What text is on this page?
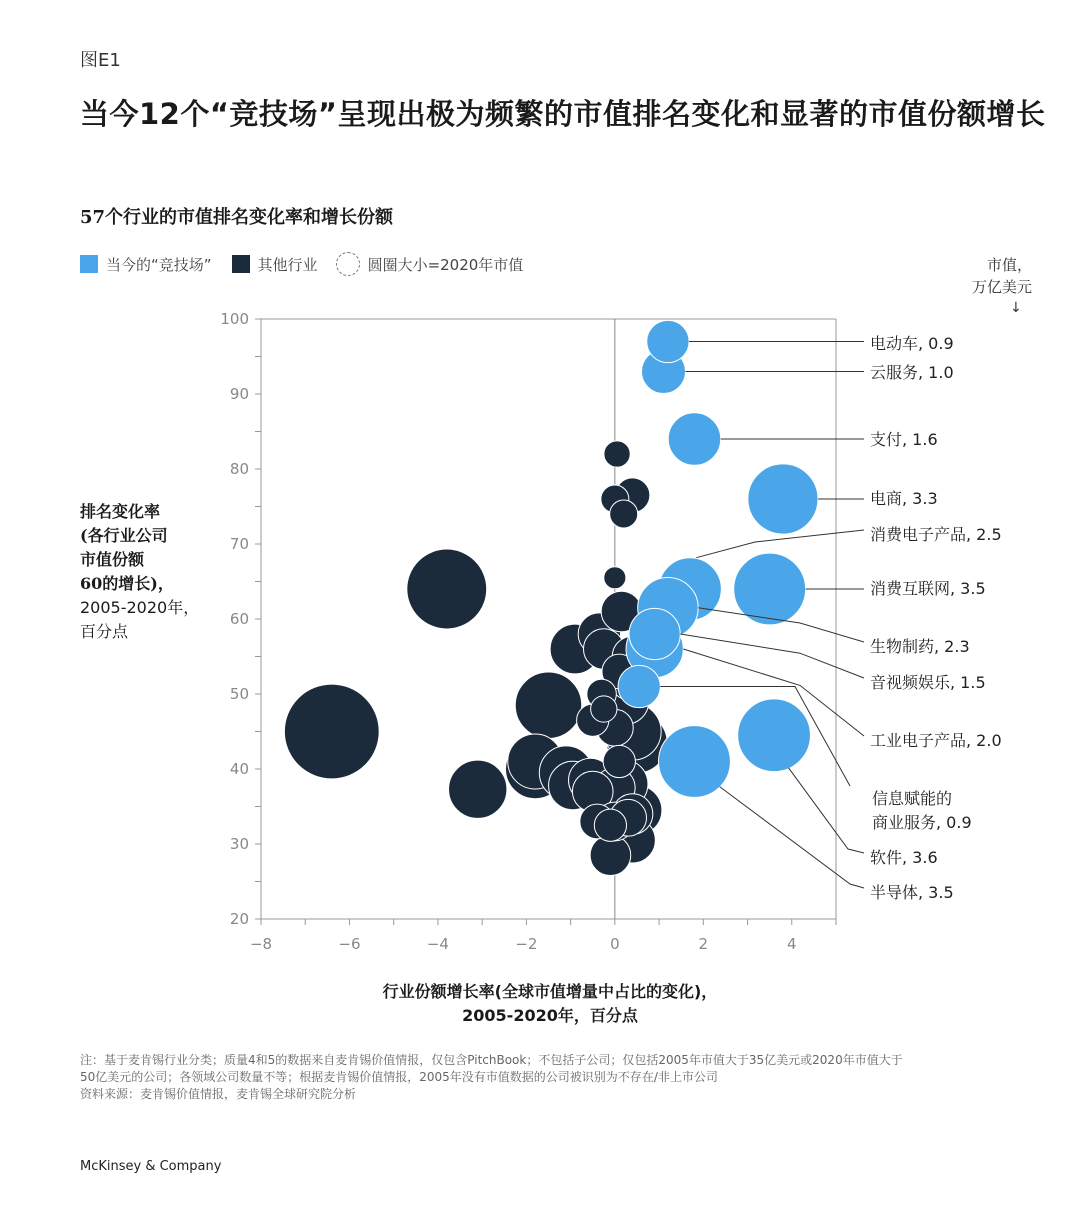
图E1
当今12个“竞技场”呈现出极为频繁的市值排名变化和显著的市值份额增长
57个行业的市值排名变化率和增长份额
当今的“竞技场”	其他行业	圆圈大小=2020年市值	市值，
万亿美元
↓
排名变化率
(各行业公司
市值份额
60的增长)，
2005-2020年，
百分点
−8	−6	−4	−2	0	2	4
20
30
40
50
60
70
80
90
100
电动车, 0.9
云服务, 1.0
支付, 1.6
电商, 3.3
消费电子产品, 2.5
消费互联网, 3.5
生物制药, 2.3
音视频娱乐, 1.5
工业电子产品, 2.0
信息赋能的
商业服务, 0.9
软件, 3.6
半导体, 3.5
行业份额增长率(全球市值增量中占比的变化)，
2005-2020年，百分点
注：基于麦肯锡行业分类；质量4和5的数据来自麦肯锡价值情报，仅包含PitchBook；不包括子公司；仅包括2005年市值大于35亿美元或2020年市值大于
50亿美元的公司；各领域公司数量不等；根据麦肯锡价值情报，2005年没有市值数据的公司被识别为不存在/非上市公司
资料来源：麦肯锡价值情报，麦肯锡全球研究院分析
McKinsey & Company
